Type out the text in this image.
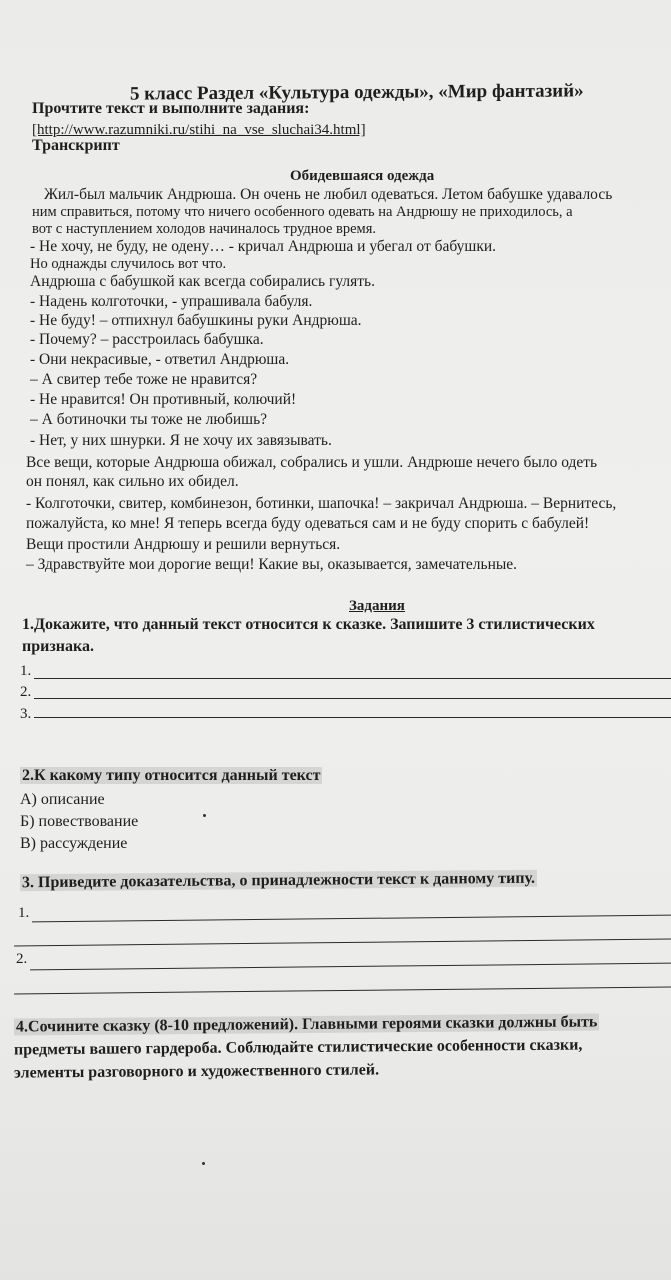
5 класс Раздел «Культура одежды», «Мир фантазий»
Прочтите текст и выполните задания:
[http://www.razumniki.ru/stihi_na_vse_sluchai34.html]
Транскрипт
Обидевшаяся одежда
Жил-был мальчик Андрюша. Он очень не любил одеваться. Летом бабушке удавалось
ним справиться, потому что ничего особенного одевать на Андрюшу не приходилось, а
вот с наступлением холодов начиналось трудное время.
- Не хочу, не буду, не одену… - кричал Андрюша и убегал от бабушки.
Но однажды случилось вот что.
Андрюша с бабушкой как всегда собирались гулять.
- Надень колготочки, - упрашивала бабуля.
- Не буду! – отпихнул бабушкины руки Андрюша.
- Почему? – расстроилась бабушка.
- Они некрасивые, - ответил Андрюша.
– А свитер тебе тоже не нравится?
- Не нравится! Он противный, колючий!
– А ботиночки ты тоже не любишь?
- Нет, у них шнурки. Я не хочу их завязывать.
Все вещи, которые Андрюша обижал, собрались и ушли. Андрюше нечего было одеть
он понял, как сильно их обидел.
- Колготочки, свитер, комбинезон, ботинки, шапочка! – закричал Андрюша. – Вернитесь,
пожалуйста, ко мне! Я теперь всегда буду одеваться сам и не буду спорить с бабулей!
Вещи простили Андрюшу и решили вернуться.
– Здравствуйте мои дорогие вещи! Какие вы, оказывается, замечательные.
Задания
1.Докажите, что данный текст относится к сказке. Запишите 3 стилистических
признака.
1.
2.
3.
2.К какому типу относится данный текст
А) описание
Б) повествование
В) рассуждение
3. Приведите доказательства, о принадлежности текст к данному типу.
1.
2.
4.Сочините сказку (8-10 предложений). Главными героями сказки должны быть
предметы вашего гардероба. Соблюдайте стилистические особенности сказки,
элементы разговорного и художественного стилей.
